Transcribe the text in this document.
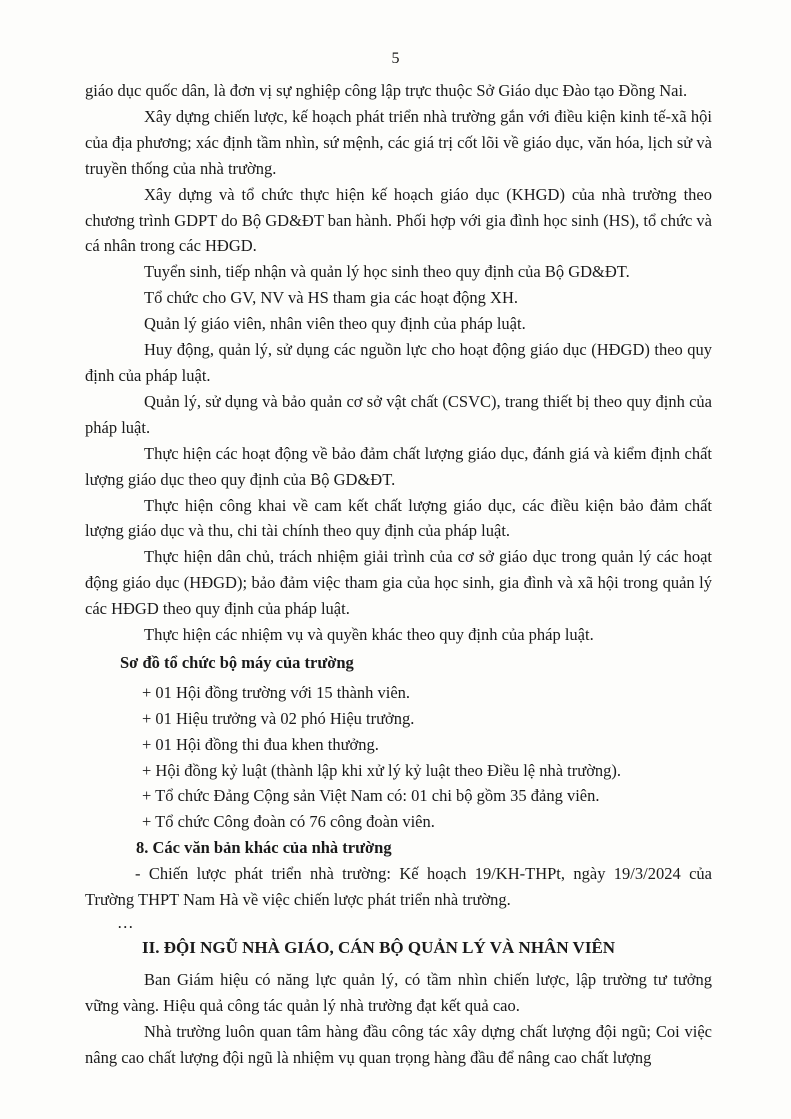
5

giáo dục quốc dân, là đơn vị sự nghiệp công lập trực thuộc Sở Giáo dục Đào tạo Đồng Nai.

Xây dựng chiến lược, kế hoạch phát triển nhà trường gắn với điều kiện kinh tế-xã hội của địa phương; xác định tầm nhìn, sứ mệnh, các giá trị cốt lõi về giáo dục, văn hóa, lịch sử và truyền thống của nhà trường.

Xây dựng và tổ chức thực hiện kế hoạch giáo dục (KHGD) của nhà trường theo chương trình GDPT do Bộ GD&ĐT ban hành. Phối hợp với gia đình học sinh (HS), tổ chức và cá nhân trong các HĐGD.

Tuyển sinh, tiếp nhận và quản lý học sinh theo quy định của Bộ GD&ĐT.

Tổ chức cho GV, NV và HS tham gia các hoạt động XH.

Quản lý giáo viên, nhân viên theo quy định của pháp luật.

Huy động, quản lý, sử dụng các nguồn lực cho hoạt động giáo dục (HĐGD) theo quy định của pháp luật.

Quản lý, sử dụng và bảo quản cơ sở vật chất (CSVC), trang thiết bị theo quy định của pháp luật.

Thực hiện các hoạt động về bảo đảm chất lượng giáo dục, đánh giá và kiểm định chất lượng giáo dục theo quy định của Bộ GD&ĐT.

Thực hiện công khai về cam kết chất lượng giáo dục, các điều kiện bảo đảm chất lượng giáo dục và thu, chi tài chính theo quy định của pháp luật.

Thực hiện dân chủ, trách nhiệm giải trình của cơ sở giáo dục trong quản lý các hoạt động giáo dục (HĐGD); bảo đảm việc tham gia của học sinh, gia đình và xã hội trong quản lý các HĐGD theo quy định của pháp luật.

Thực hiện các nhiệm vụ và quyền khác theo quy định của pháp luật.

Sơ đồ tổ chức bộ máy của trường

+ 01 Hội đồng trường với 15 thành viên.

+ 01 Hiệu trưởng và 02 phó Hiệu trưởng.

+ 01 Hội đồng thi đua khen thưởng.

+ Hội đồng kỷ luật (thành lập khi xử lý kỷ luật theo Điều lệ nhà trường).

+ Tổ chức Đảng Cộng sản Việt Nam có: 01 chi bộ gồm 35 đảng viên.

+ Tổ chức Công đoàn có 76 công đoàn viên.

8. Các văn bản khác của nhà trường

- Chiến lược phát triển nhà trường: Kế hoạch 19/KH-THPt, ngày 19/3/2024 của Trường THPT Nam Hà về việc chiến lược phát triển nhà trường.

…

II. ĐỘI NGŨ NHÀ GIÁO, CÁN BỘ QUẢN LÝ VÀ NHÂN VIÊN

Ban Giám hiệu có năng lực quản lý, có tầm nhìn chiến lược, lập trường tư tưởng vững vàng. Hiệu quả công tác quản lý nhà trường đạt kết quả cao.

Nhà trường luôn quan tâm hàng đầu công tác xây dựng chất lượng đội ngũ; Coi việc nâng cao chất lượng đội ngũ là nhiệm vụ quan trọng hàng đầu để nâng cao chất lượng
